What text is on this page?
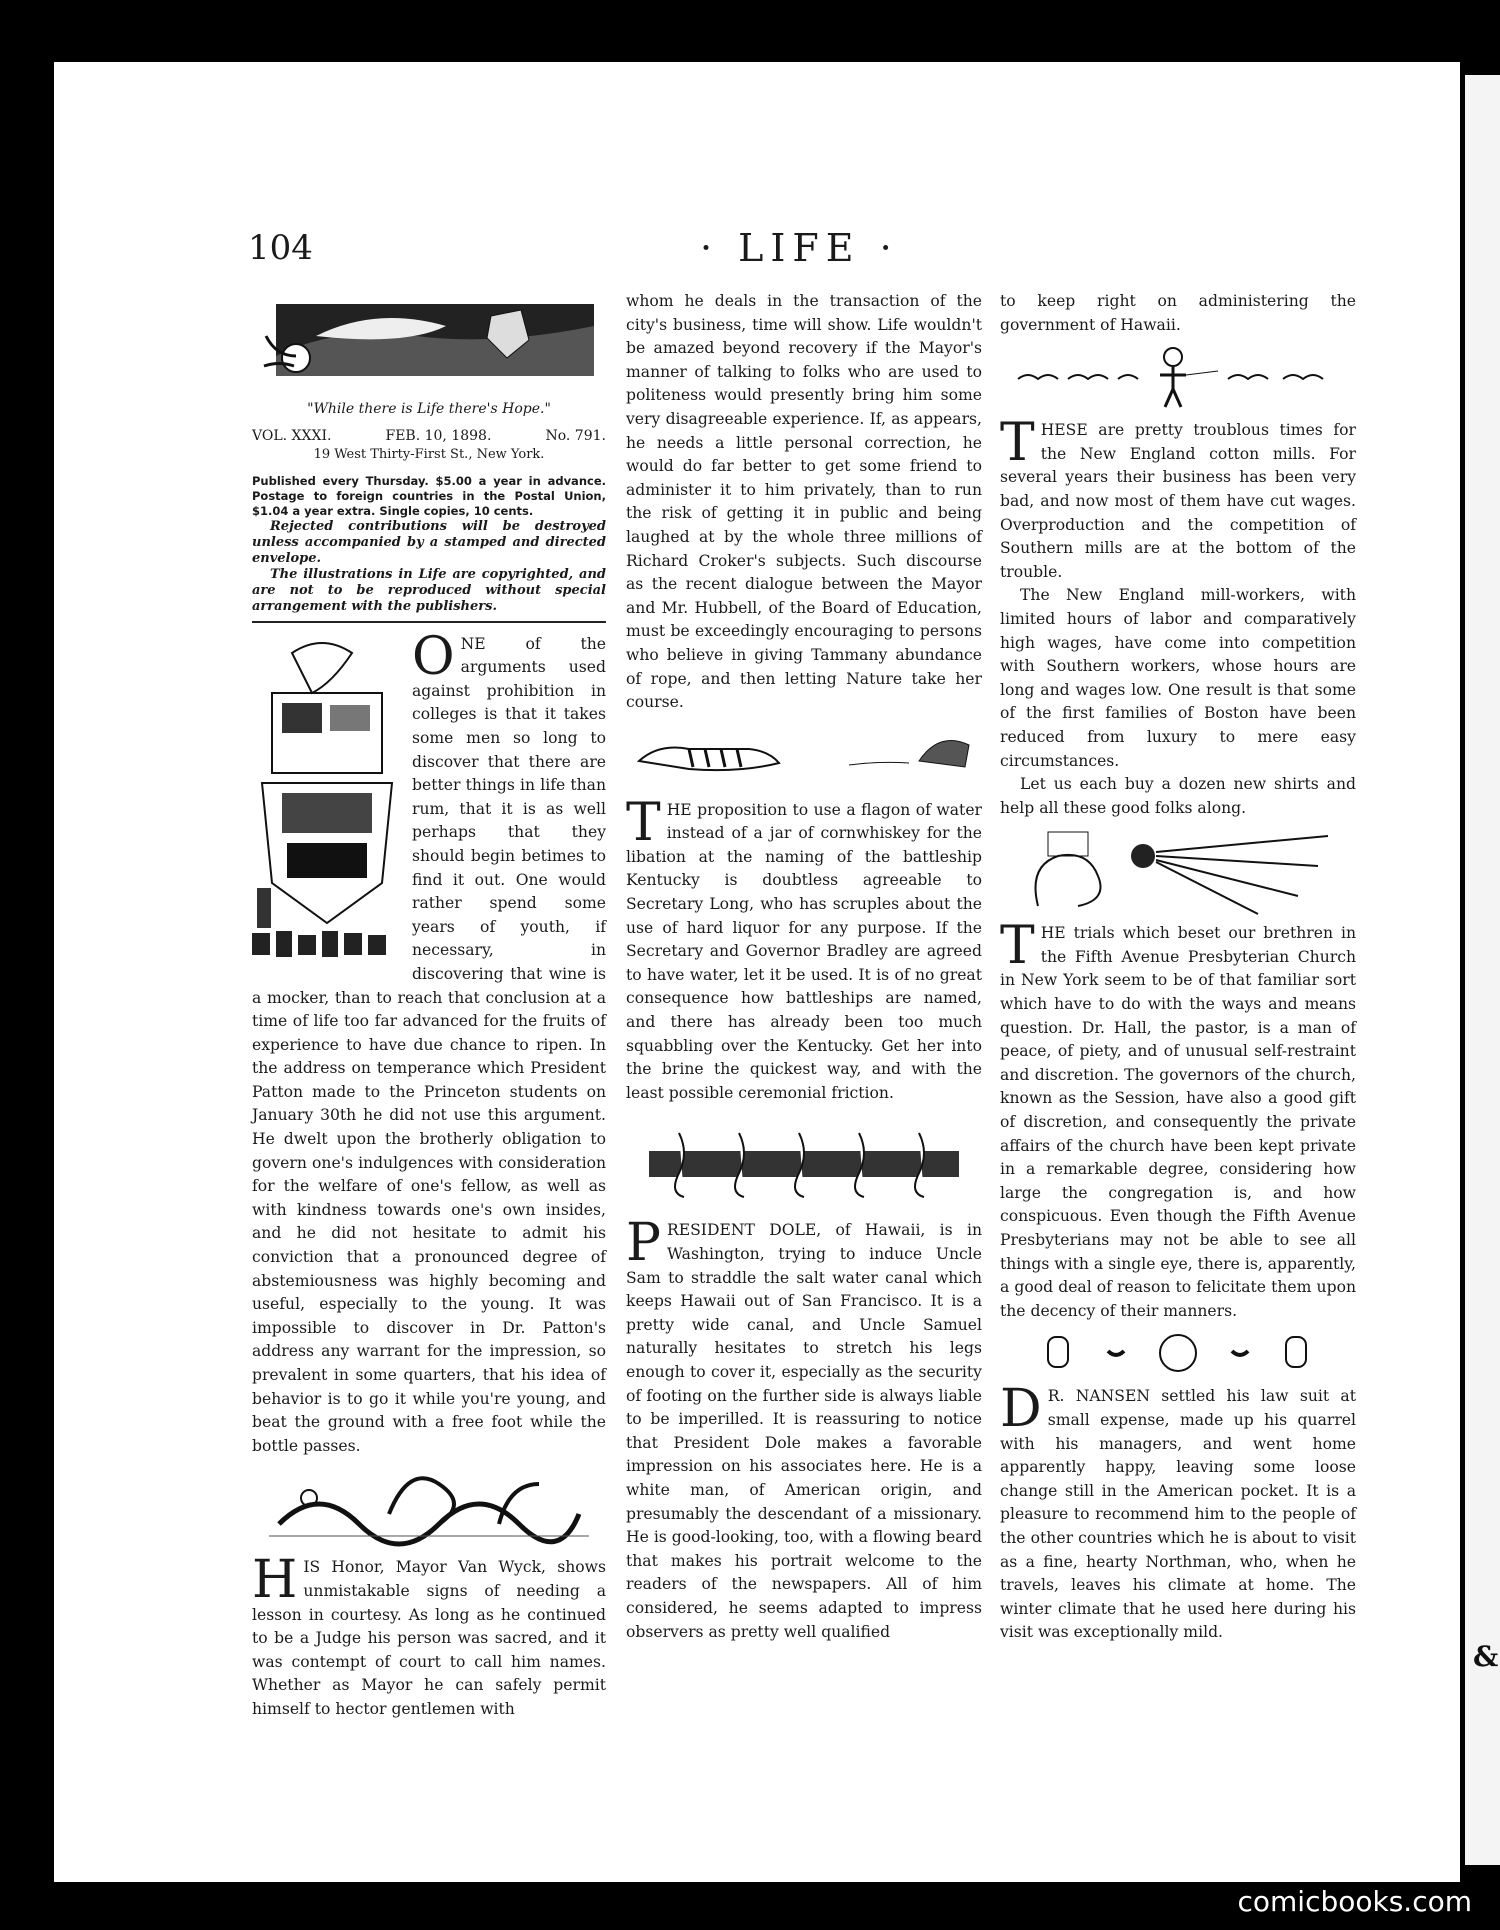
&
104	· LIFE ·
"While there is Life there's Hope."
VOL. XXXI.	FEB. 10, 1898.	No. 791.
19 West Thirty-First St., New York.
Published every Thursday. $5.00 a year in advance. Postage to foreign countries in the Postal Union, $1.04 a year extra. Single copies, 10 cents.
Rejected contributions will be destroyed unless accompanied by a stamped and directed envelope.
The illustrations in Life are copyrighted, and are not to be reproduced without special arrangement with the publishers.

ONE of the arguments used against prohibition in colleges is that it takes some men so long to discover that there are better things in life than rum, that it is as well perhaps that they should begin betimes to find it out. One would rather spend some years of youth, if necessary, in discovering that wine is a mocker, than to reach that conclusion at a time of life too far advanced for the fruits of experience to have due chance to ripen. In the address on temperance which President Patton made to the Princeton students on January 30th he did not use this argument. He dwelt upon the brotherly obligation to govern one's indulgences with consideration for the welfare of one's fellow, as well as with kindness towards one's own insides, and he did not hesitate to admit his conviction that a pronounced degree of abstemiousness was highly becoming and useful, especially to the young. It was impossible to discover in Dr. Patton's address any warrant for the impression, so prevalent in some quarters, that his idea of behavior is to go it while you're young, and beat the ground with a free foot while the bottle passes.

HIS Honor, Mayor Van Wyck, shows unmistakable signs of needing a lesson in courtesy. As long as he continued to be a Judge his person was sacred, and it was contempt of court to call him names. Whether as Mayor he can safely permit himself to hector gentlemen with

whom he deals in the transaction of the city's business, time will show. Life wouldn't be amazed beyond recovery if the Mayor's manner of talking to folks who are used to politeness would presently bring him some very disagreeable experience. If, as appears, he needs a little personal correction, he would do far better to get some friend to administer it to him privately, than to run the risk of getting it in public and being laughed at by the whole three millions of Richard Croker's subjects. Such discourse as the recent dialogue between the Mayor and Mr. Hubbell, of the Board of Education, must be exceedingly encouraging to persons who believe in giving Tammany abundance of rope, and then letting Nature take her course.

THE proposition to use a flagon of water instead of a jar of cornwhiskey for the libation at the naming of the battleship Kentucky is doubtless agreeable to Secretary Long, who has scruples about the use of hard liquor for any purpose. If the Secretary and Governor Bradley are agreed to have water, let it be used. It is of no great consequence how battleships are named, and there has already been too much squabbling over the Kentucky. Get her into the brine the quickest way, and with the least possible ceremonial friction.

PRESIDENT DOLE, of Hawaii, is in Washington, trying to induce Uncle Sam to straddle the salt water canal which keeps Hawaii out of San Francisco. It is a pretty wide canal, and Uncle Samuel naturally hesitates to stretch his legs enough to cover it, especially as the security of footing on the further side is always liable to be imperilled. It is reassuring to notice that President Dole makes a favorable impression on his associates here. He is a white man, of American origin, and presumably the descendant of a missionary. He is good-looking, too, with a flowing beard that makes his portrait welcome to the readers of the newspapers. All of him considered, he seems adapted to impress observers as pretty well qualified

to keep right on administering the government of Hawaii.

THESE are pretty troublous times for the New England cotton mills. For several years their business has been very bad, and now most of them have cut wages. Overproduction and the competition of Southern mills are at the bottom of the trouble.

The New England mill-workers, with limited hours of labor and comparatively high wages, have come into competition with Southern workers, whose hours are long and wages low. One result is that some of the first families of Boston have been reduced from luxury to mere easy circumstances.

Let us each buy a dozen new shirts and help all these good folks along.

THE trials which beset our brethren in the Fifth Avenue Presbyterian Church in New York seem to be of that familiar sort which have to do with the ways and means question. Dr. Hall, the pastor, is a man of peace, of piety, and of unusual self-restraint and discretion. The governors of the church, known as the Session, have also a good gift of discretion, and consequently the private affairs of the church have been kept private in a remarkable degree, considering how large the congregation is, and how conspicuous. Even though the Fifth Avenue Presbyterians may not be able to see all things with a single eye, there is, apparently, a good deal of reason to felicitate them upon the decency of their manners.

D R. NANSEN settled his law suit at small expense, made up his quarrel with his managers, and went home apparently happy, leaving some loose change still in the American pocket. It is a pleasure to recommend him to the people of the other countries which he is about to visit as a fine, hearty Northman, who, when he travels, leaves his climate at home. The winter climate that he used here during his visit was exceptionally mild.

comicbooks.com
